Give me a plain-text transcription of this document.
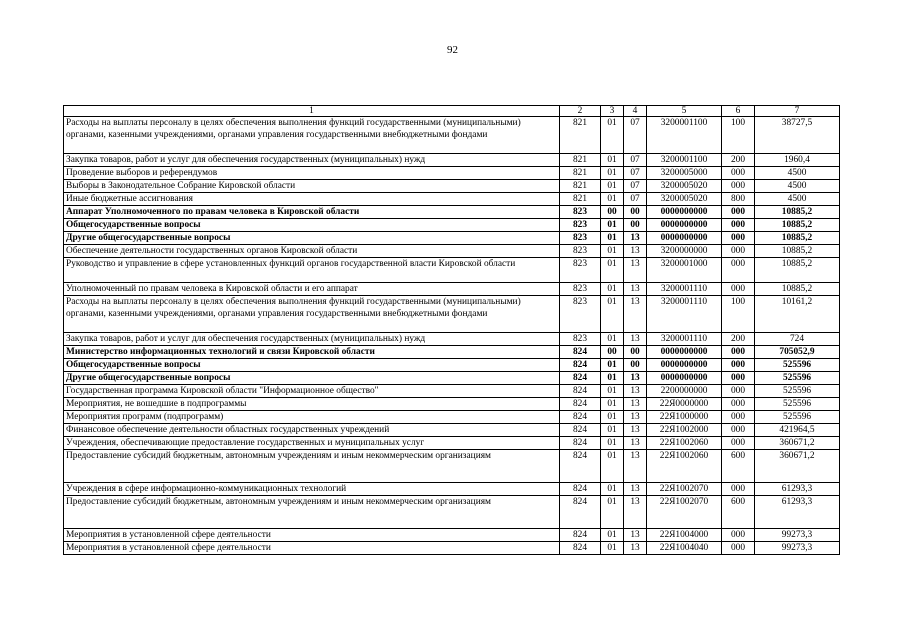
92
1	2	3	4	5	6	7
Расходы на выплаты персоналу в целях обеспечения выполнения функций государственными (муниципальными) органами, казенными учреждениями, органами управления государственными внебюджетными фондами	821	01	07	3200001100	100	38727,5
Закупка товаров, работ и услуг для обеспечения государственных (муниципальных) нужд	821	01	07	3200001100	200	1960,4
Проведение выборов и референдумов	821	01	07	3200005000	000	4500
Выборы в Законодательное Собрание Кировской области	821	01	07	3200005020	000	4500
Иные бюджетные ассигнования	821	01	07	3200005020	800	4500
Аппарат Уполномоченного по правам человека в Кировской области	823	00	00	0000000000	000	10885,2
Общегосударственные вопросы	823	01	00	0000000000	000	10885,2
Другие общегосударственные вопросы	823	01	13	0000000000	000	10885,2
Обеспечение деятельности государственных органов Кировской области	823	01	13	3200000000	000	10885,2
Руководство и управление в сфере установленных функций органов государственной власти Кировской области	823	01	13	3200001000	000	10885,2
Уполномоченный по правам человека в Кировской области и его аппарат	823	01	13	3200001110	000	10885,2
Расходы на выплаты персоналу в целях обеспечения выполнения функций государственными (муниципальными) органами, казенными учреждениями, органами управления государственными внебюджетными фондами	823	01	13	3200001110	100	10161,2
Закупка товаров, работ и услуг для обеспечения государственных (муниципальных) нужд	823	01	13	3200001110	200	724
Министерство информационных технологий и связи Кировской области	824	00	00	0000000000	000	705052,9
Общегосударственные вопросы	824	01	00	0000000000	000	525596
Другие общегосударственные вопросы	824	01	13	0000000000	000	525596
Государственная программа Кировской области "Информационное общество"	824	01	13	2200000000	000	525596
Мероприятия, не вошедшие в подпрограммы	824	01	13	22Я0000000	000	525596
Мероприятия программ (подпрограмм)	824	01	13	22Я1000000	000	525596
Финансовое обеспечение деятельности областных государственных учреждений	824	01	13	22Я1002000	000	421964,5
Учреждения, обеспечивающие предоставление государственных и муниципальных услуг	824	01	13	22Я1002060	000	360671,2
Предоставление субсидий бюджетным, автономным учреждениям и иным некоммерческим организациям	824	01	13	22Я1002060	600	360671,2
Учреждения в сфере информационно-коммуникационных технологий	824	01	13	22Я1002070	000	61293,3
Предоставление субсидий бюджетным, автономным учреждениям и иным некоммерческим организациям	824	01	13	22Я1002070	600	61293,3
Мероприятия в установленной сфере деятельности	824	01	13	22Я1004000	000	99273,3
Мероприятия в установленной сфере деятельности	824	01	13	22Я1004040	000	99273,3
